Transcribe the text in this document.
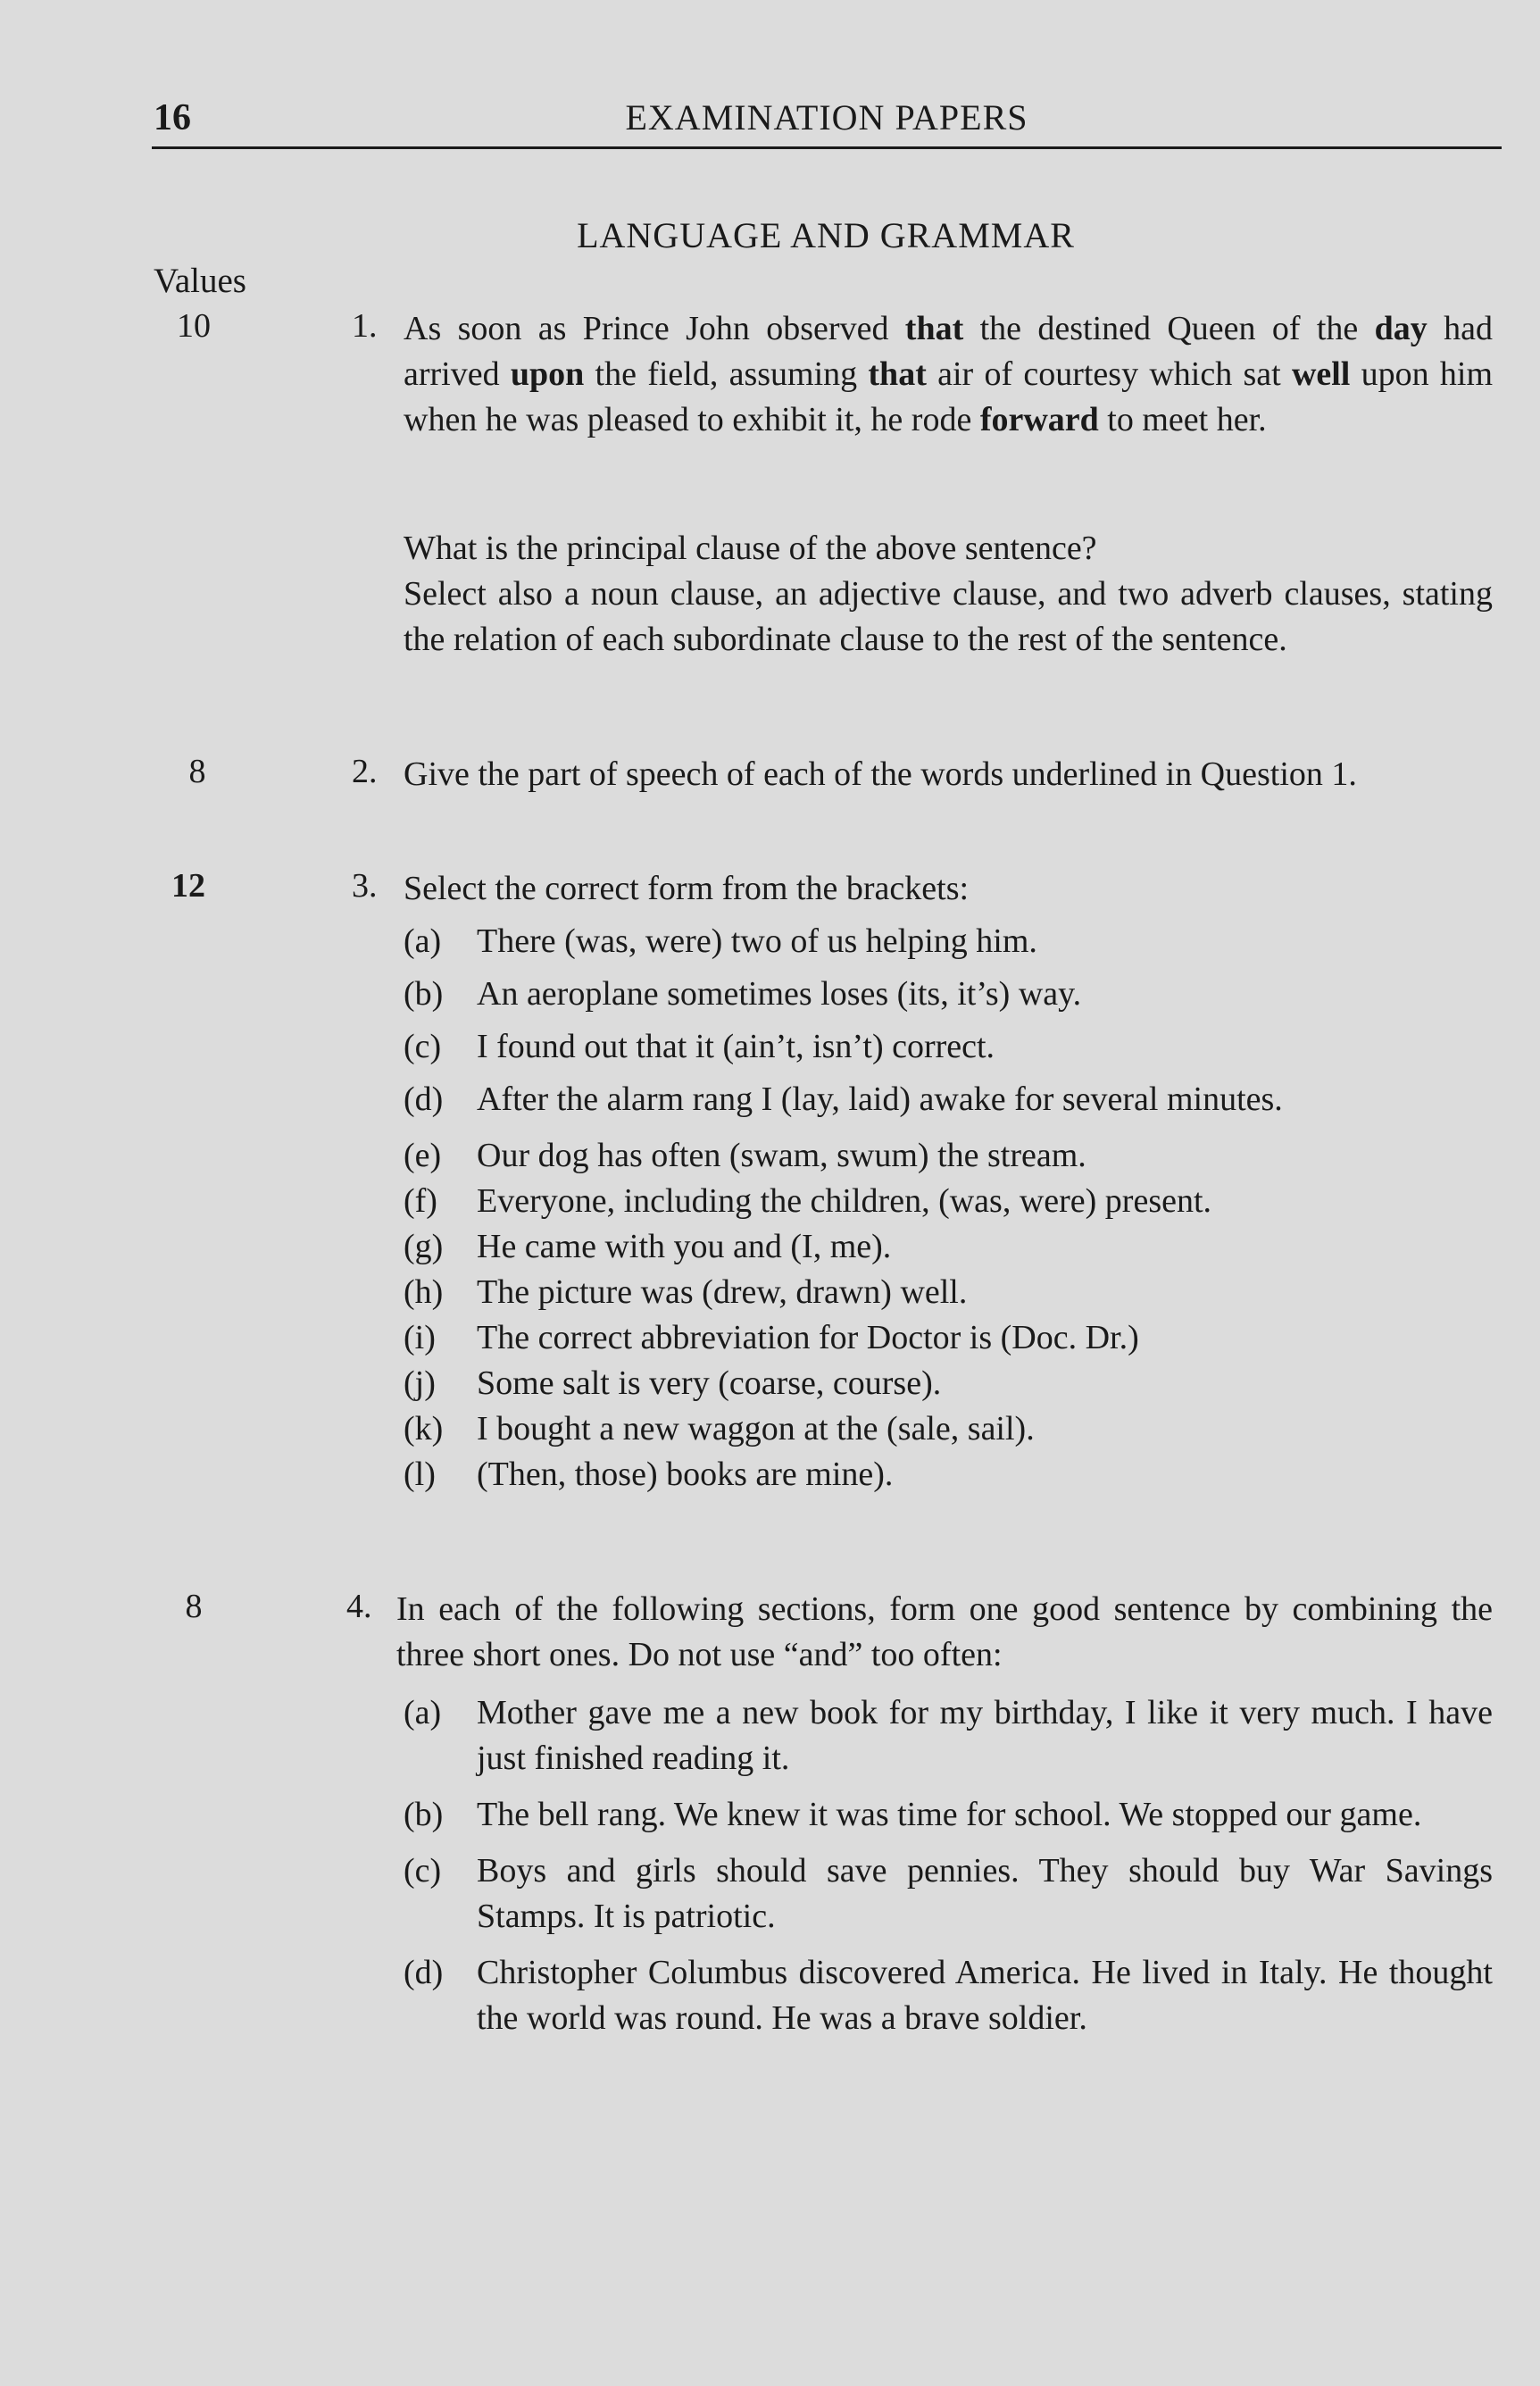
16	EXAMINATION PAPERS
LANGUAGE AND GRAMMAR
Values
10	1. As soon as Prince John observed that the destined Queen of the day had arrived upon the field, assuming that air of courtesy which sat well upon him when he was pleased to exhibit it, he rode forward to meet her.
What is the principal clause of the above sentence?
Select also a noun clause, an adjective clause, and two adverb clauses, stating the relation of each subordinate clause to the rest of the sentence.
8	2. Give the part of speech of each of the words underlined in Question 1.
12	3. Select the correct form from the brackets:
(a) There (was, were) two of us helping him.
(b) An aeroplane sometimes loses (its, it’s) way.
(c) I found out that it (ain’t, isn’t) correct.
(d) After the alarm rang I (lay, laid) awake for several minutes.
(e) Our dog has often (swam, swum) the stream.
(f) Everyone, including the children, (was, were) present.
(g) He came with you and (I, me).
(h) The picture was (drew, drawn) well.
(i) The correct abbreviation for Doctor is (Doc. Dr.)
(j) Some salt is very (coarse, course).
(k) I bought a new waggon at the (sale, sail).
(l) (Then, those) books are mine).
8	4. In each of the following sections, form one good sentence by combining the three short ones. Do not use “and” too often:
(a) Mother gave me a new book for my birthday, I like it very much. I have just finished reading it.
(b) The bell rang. We knew it was time for school. We stopped our game.
(c) Boys and girls should save pennies. They should buy War Savings Stamps. It is patriotic.
(d) Christopher Columbus discovered America. He lived in Italy. He thought the world was round. He was a brave soldier.
